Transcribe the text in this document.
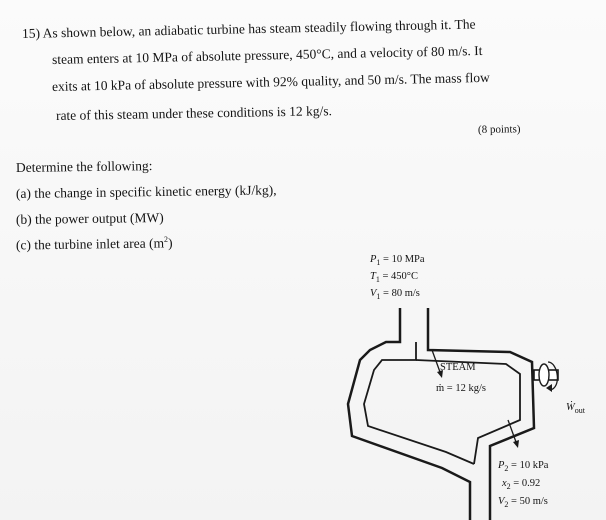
15) As shown below, an adiabatic turbine has steam steadily flowing through it. The
steam enters at 10 MPa of absolute pressure, 450°C, and a velocity of 80 m/s. It
exits at 10 kPa of absolute pressure with 92% quality, and 50 m/s. The mass flow
rate of this steam under these conditions is 12 kg/s.
(8 points)
Determine the following:
(a) the change in specific kinetic energy (kJ/kg),
(b) the power output (MW)
(c) the turbine inlet area $(m^2)$
$P_1 = 10$ MPa
$T_1 = 450^\circ C$
$V_1 = 80$ m/s
STEAM
ṁ = 12 kg/s
Ẇ$_{out}$
$P_2 = 10$ kPa
$x_2 = 0.92$
$V_2 = 50$ m/s
